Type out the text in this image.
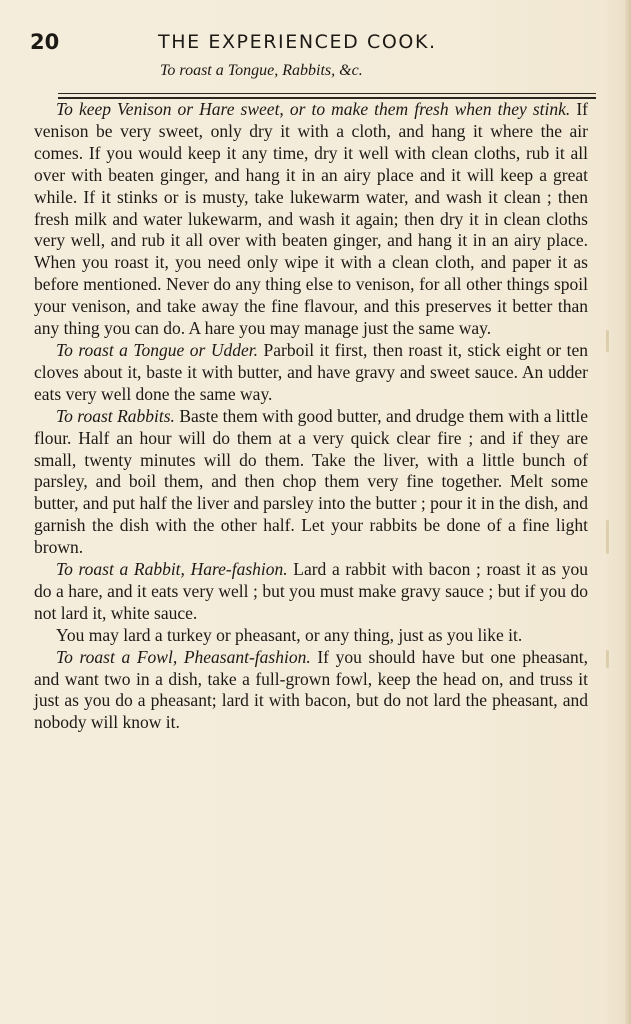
20	THE EXPERIENCED COOK.
To roast a Tongue, Rabbits, &c.

To keep Venison or Hare sweet, or to make them fresh when they stink. If venison be very sweet, only dry it with a cloth, and hang it where the air comes. If you would keep it any time, dry it well with clean cloths, rub it all over with beaten ginger, and hang it in an airy place and it will keep a great while. If it stinks or is musty, take lukewarm water, and wash it clean ; then fresh milk and water lukewarm, and wash it again; then dry it in clean cloths very well, and rub it all over with beaten ginger, and hang it in an airy place. When you roast it, you need only wipe it with a clean cloth, and paper it as before mentioned. Never do any thing else to venison, for all other things spoil your venison, and take away the fine flavour, and this preserves it better than any thing you can do. A hare you may manage just the same way.

To roast a Tongue or Udder. Parboil it first, then roast it, stick eight or ten cloves about it, baste it with butter, and have gravy and sweet sauce. An udder eats very well done the same way.

To roast Rabbits. Baste them with good butter, and drudge them with a little flour. Half an hour will do them at a very quick clear fire ; and if they are small, twenty minutes will do them. Take the liver, with a little bunch of parsley, and boil them, and then chop them very fine together. Melt some butter, and put half the liver and parsley into the butter ; pour it in the dish, and garnish the dish with the other half. Let your rabbits be done of a fine light brown.

To roast a Rabbit, Hare-fashion. Lard a rabbit with bacon ; roast it as you do a hare, and it eats very well ; but you must make gravy sauce ; but if you do not lard it, white sauce.

You may lard a turkey or pheasant, or any thing, just as you like it.

To roast a Fowl, Pheasant-fashion. If you should have but one pheasant, and want two in a dish, take a full-grown fowl, keep the head on, and truss it just as you do a pheasant; lard it with bacon, but do not lard the pheasant, and nobody will know it.
